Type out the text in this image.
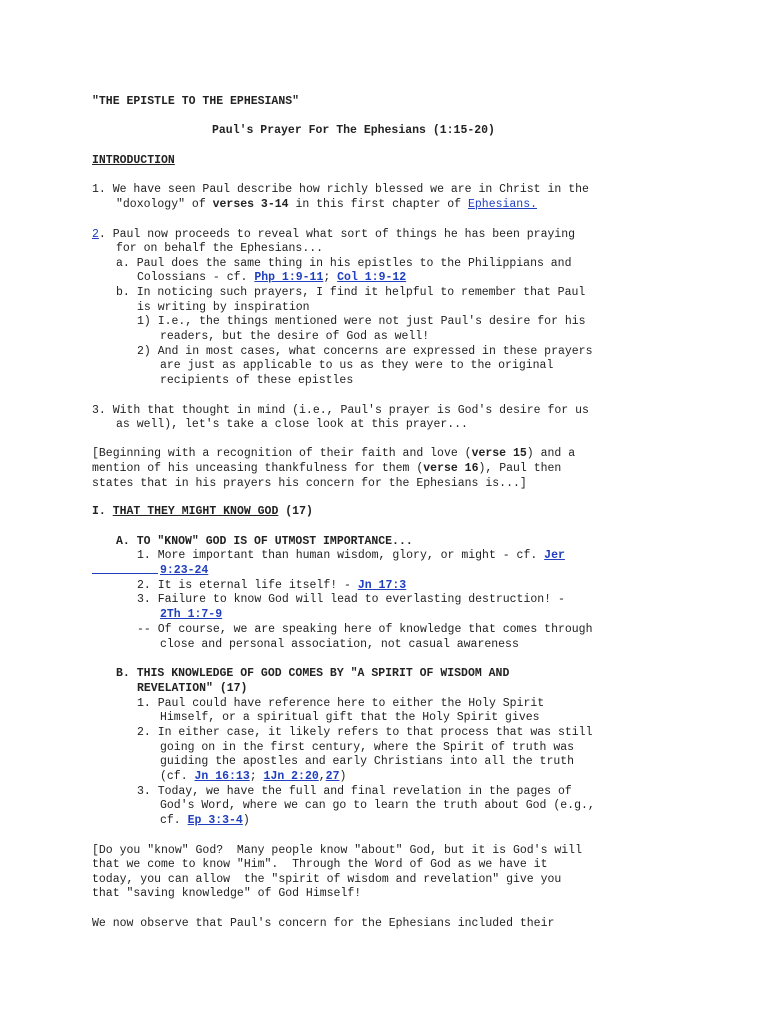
"THE EPISTLE TO THE EPHESIANS"
Paul's Prayer For The Ephesians (1:15-20)
INTRODUCTION
1. We have seen Paul describe how richly blessed we are in Christ in the
"doxology" of verses 3-14 in this first chapter of Ephesians.
2. Paul now proceeds to reveal what sort of things he has been praying
for on behalf the Ephesians...
a. Paul does the same thing in his epistles to the Philippians and
Colossians - cf. Php 1:9-11; Col 1:9-12
b. In noticing such prayers, I find it helpful to remember that Paul
is writing by inspiration
1) I.e., the things mentioned were not just Paul's desire for his
readers, but the desire of God as well!
2) And in most cases, what concerns are expressed in these prayers
are just as applicable to us as they were to the original
recipients of these epistles
3. With that thought in mind (i.e., Paul's prayer is God's desire for us
as well), let's take a close look at this prayer...
[Beginning with a recognition of their faith and love (verse 15) and a
mention of his unceasing thankfulness for them (verse 16), Paul then
states that in his prayers his concern for the Ephesians is...]
I. THAT THEY MIGHT KNOW GOD (17)
A. TO "KNOW" GOD IS OF UTMOST IMPORTANCE...
1. More important than human wisdom, glory, or might - cf. Jer
9:23-24
2. It is eternal life itself! - Jn 17:3
3. Failure to know God will lead to everlasting destruction! -
2Th 1:7-9
-- Of course, we are speaking here of knowledge that comes through
close and personal association, not casual awareness
B. THIS KNOWLEDGE OF GOD COMES BY "A SPIRIT OF WISDOM AND
REVELATION" (17)
1. Paul could have reference here to either the Holy Spirit
Himself, or a spiritual gift that the Holy Spirit gives
2. In either case, it likely refers to that process that was still
going on in the first century, where the Spirit of truth was
guiding the apostles and early Christians into all the truth
(cf. Jn 16:13; 1Jn 2:20,27)
3. Today, we have the full and final revelation in the pages of
God's Word, where we can go to learn the truth about God (e.g.,
cf. Ep 3:3-4)
[Do you "know" God?  Many people know "about" God, but it is God's will
that we come to know "Him".  Through the Word of God as we have it
today, you can allow  the "spirit of wisdom and revelation" give you
that "saving knowledge" of God Himself!
We now observe that Paul's concern for the Ephesians included their
